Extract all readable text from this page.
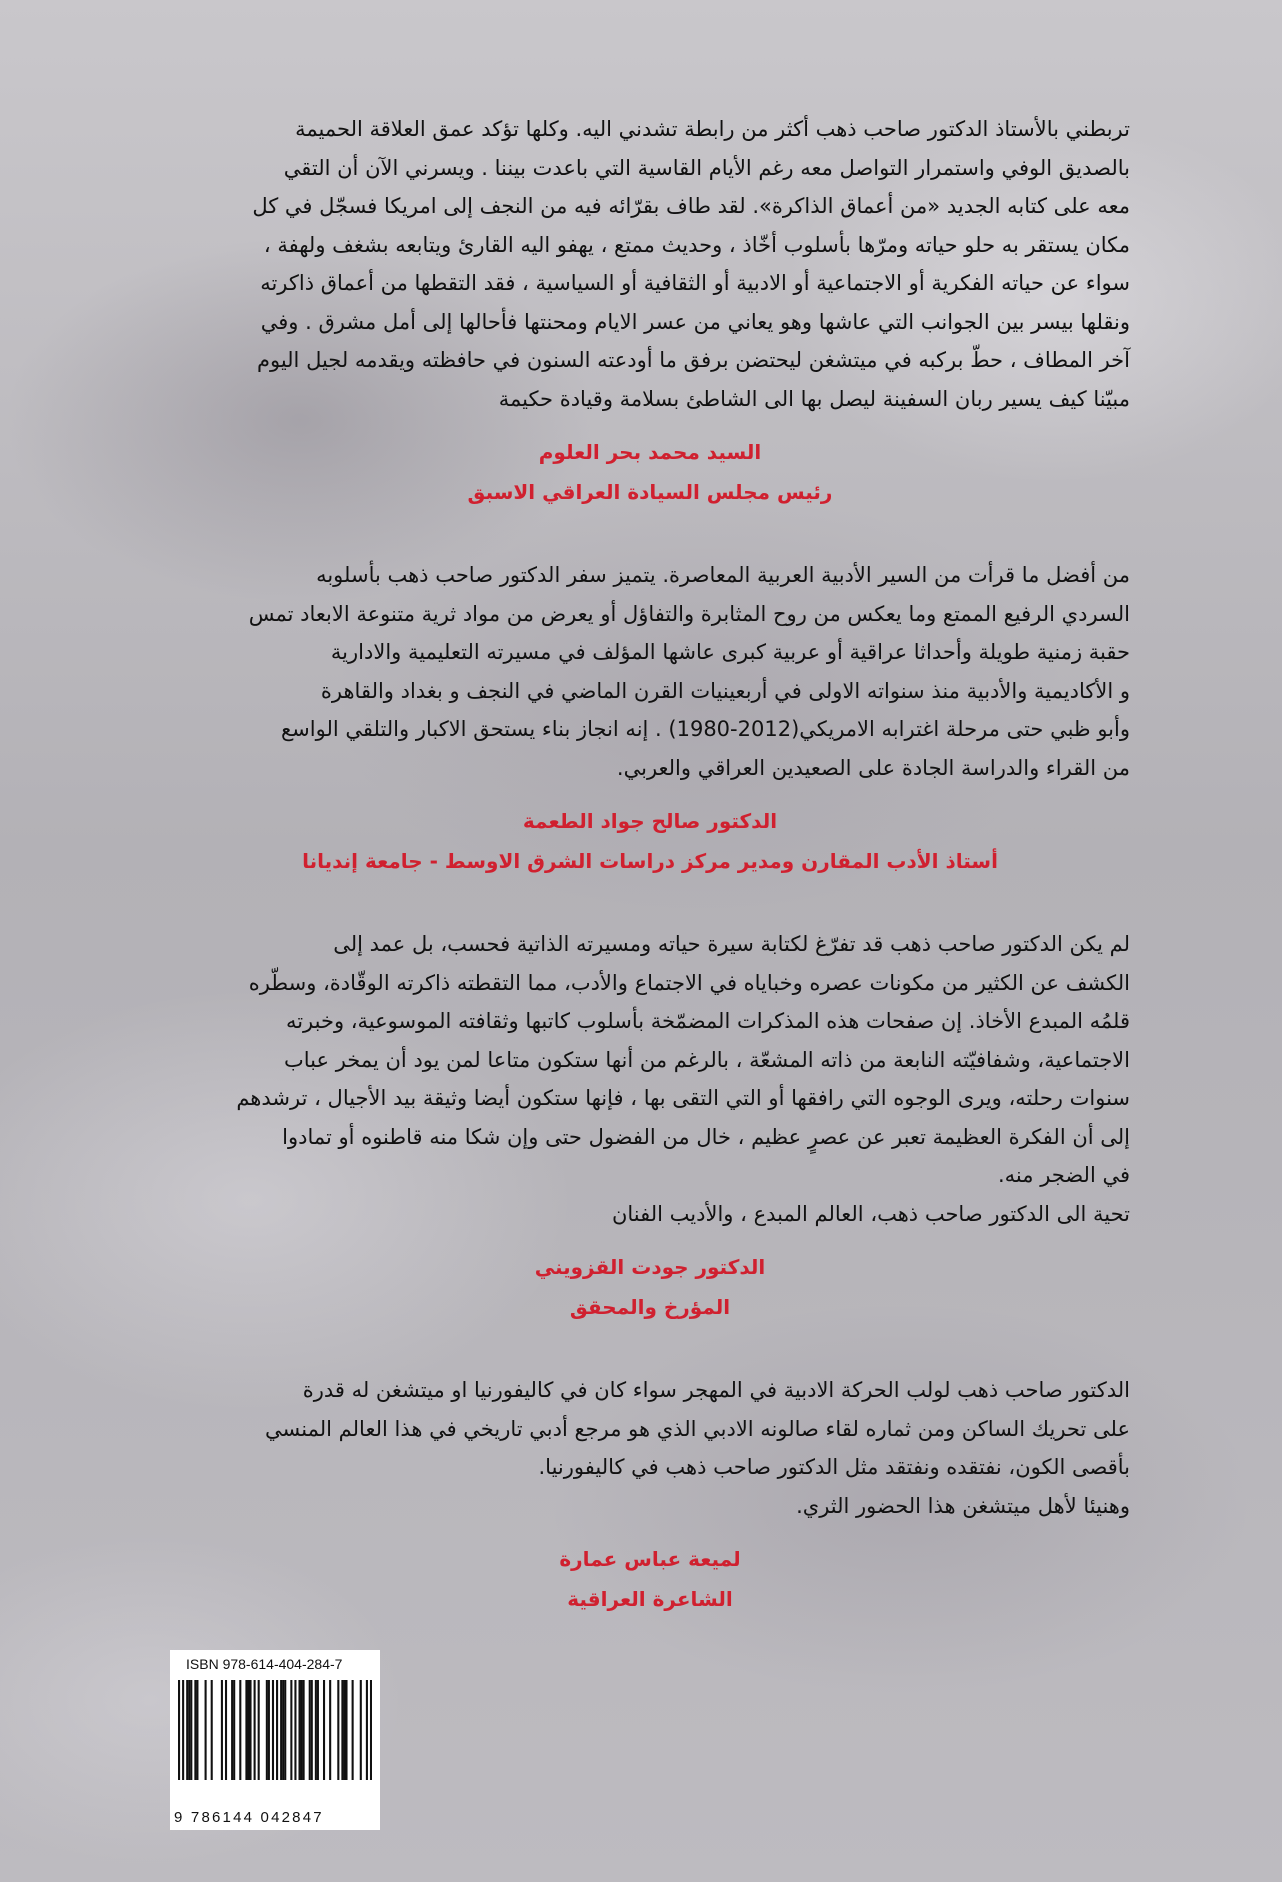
تربطني بالأستاذ الدكتور صاحب ذهب أكثر من رابطة تشدني اليه. وكلها تؤكد عمق العلاقة الحميمة
بالصديق الوفي واستمرار التواصل معه رغم الأيام القاسية التي باعدت بيننا . ويسرني الآن أن التقي
معه على كتابه الجديد «من أعماق الذاكرة». لقد طاف بقرّائه فيه من النجف إلى امريكا فسجّل في كل
مكان يستقر به حلو حياته ومرّها بأسلوب أخّاذ ، وحديث ممتع ، يهفو اليه القارئ ويتابعه بشغف ولهفة ،
سواء عن حياته الفكرية أو الاجتماعية أو الادبية أو الثقافية أو السياسية ، فقد التقطها من أعماق ذاكرته
ونقلها بيسر بين الجوانب التي عاشها وهو يعاني من عسر الايام ومحنتها فأحالها إلى أمل مشرق . وفي
آخر المطاف ، حطّ بركبه في ميتشغن ليحتضن برفق ما أودعته السنون في حافظته ويقدمه لجيل اليوم
مبيّنا كيف يسير ربان السفينة ليصل بها الى الشاطئ بسلامة وقيادة حكيمة

السيد محمد بحر العلوم
رئيس مجلس السيادة العراقي الاسبق

من أفضل ما قرأت من السير الأدبية العربية المعاصرة. يتميز سفر الدكتور صاحب ذهب بأسلوبه
السردي الرفيع الممتع وما يعكس من روح المثابرة والتفاؤل أو يعرض من مواد ثرية متنوعة الابعاد تمس
حقبة زمنية طويلة وأحداثا عراقية أو عربية كبرى عاشها المؤلف في مسيرته التعليمية والادارية
و الأكاديمية والأدبية منذ سنواته الاولى في أربعينيات القرن الماضي في النجف و بغداد والقاهرة
وأبو ظبي حتى مرحلة اغترابه الامريكي(2012-1980) . إنه انجاز بناء يستحق الاكبار والتلقي الواسع
من القراء والدراسة الجادة على الصعيدين العراقي والعربي.

الدكتور صالح جواد الطعمة
أستاذ الأدب المقارن ومدير مركز دراسات الشرق الاوسط - جامعة إنديانا

لم يكن الدكتور صاحب ذهب قد تفرّغ لكتابة سيرة حياته ومسيرته الذاتية فحسب، بل عمد إلى
الكشف عن الكثير من مكونات عصره وخباياه في الاجتماع والأدب، مما التقطته ذاكرته الوقّادة، وسطّره
قلمُه المبدع الأخاذ. إن صفحات هذه المذكرات المضمّخة بأسلوب كاتبها وثقافته الموسوعية، وخبرته
الاجتماعية، وشفافيّته النابعة من ذاته المشعّة ، بالرغم من أنها ستكون متاعا لمن يود أن يمخر عباب
سنوات رحلته، ويرى الوجوه التي رافقها أو التي التقى بها ، فإنها ستكون أيضا وثيقة بيد الأجيال ، ترشدهم
إلى أن الفكرة العظيمة تعبر عن عصرٍ عظيم ، خال من الفضول حتى وإن شكا منه قاطنوه أو تمادوا
في الضجر منه.
تحية الى الدكتور صاحب ذهب، العالم المبدع ، والأديب الفنان

الدكتور جودت القزويني
المؤرخ والمحقق

الدكتور صاحب ذهب لولب الحركة الادبية في المهجر سواء كان في كاليفورنيا او ميتشغن له قدرة
على تحريك الساكن ومن ثماره لقاء صالونه الادبي الذي هو مرجع أدبي تاريخي في هذا العالم المنسي
بأقصى الكون، نفتقده ونفتقد مثل الدكتور صاحب ذهب في كاليفورنيا.
وهنيئا لأهل ميتشغن هذا الحضور الثري.

لميعة عباس عمارة
الشاعرة العراقية
ISBN 978-614-404-284-7
9 786144 042847
